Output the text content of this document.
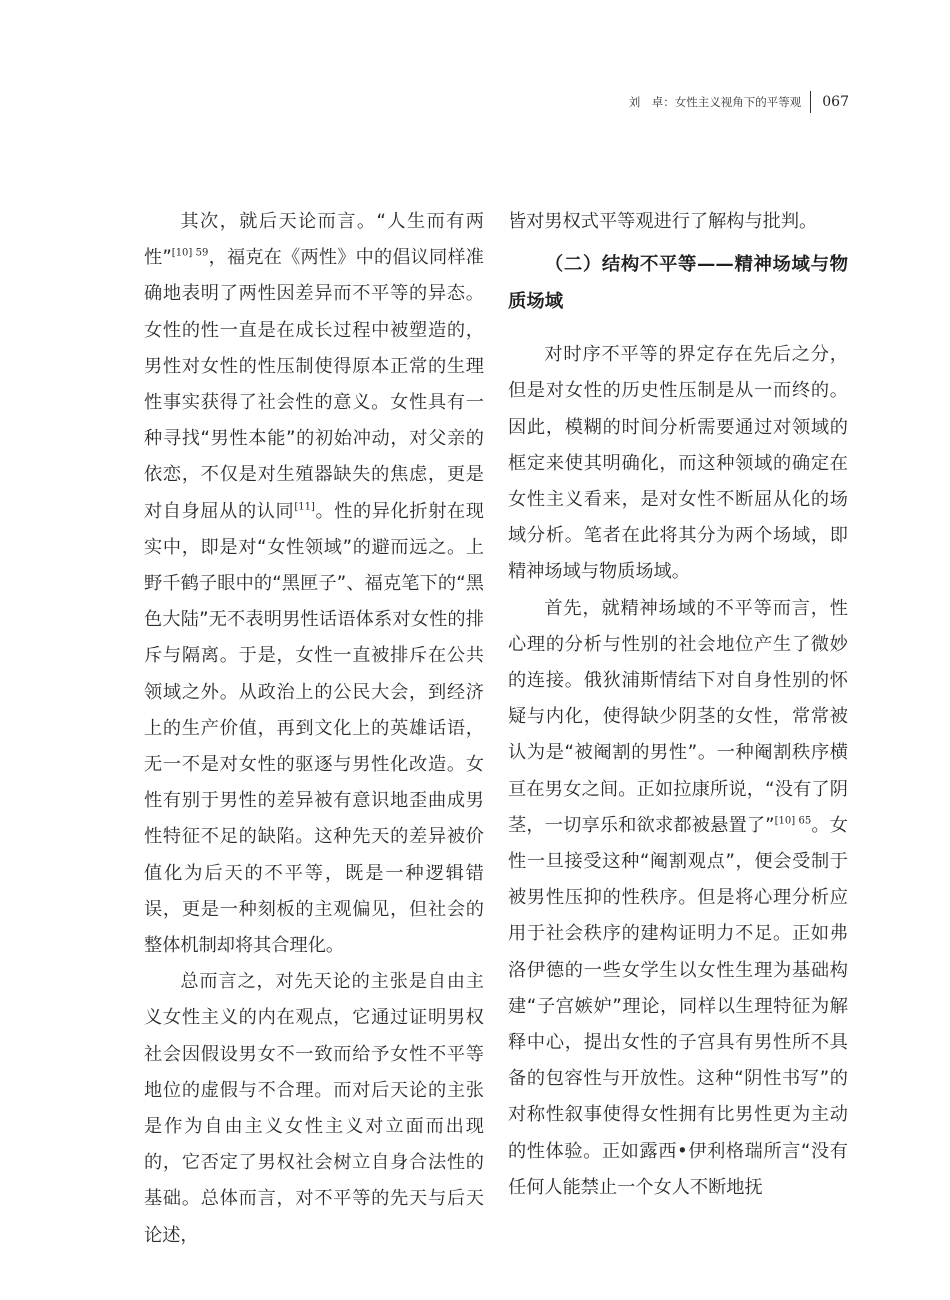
刘　卓 ：女性主义视角下的平等观 067

其次，就后天论而言。“人生而有两性”$^{[10] 59}$，福克在《两性》中的倡议同样准确地表明了两性因差异而不平等的异态。女性的性一直是在成长过程中被塑造的，男性对女性的性压制使得原本正常的生理性事实获得了社会性的意义。女性具有一种寻找“男性本能”的初始冲动，对父亲的依恋，不仅是对生殖器缺失的焦虑，更是对自身屈从的认同[11]。性的异化折射在现实中，即是对“女性领域”的避而远之。上野千鹤子眼中的“黑匣子”、福克笔下的“黑色大陆”无不表明男性话语体系对女性的排斥与隔离。于是，女性一直被排斥在公共领域之外。从政治上的公民大会，到经济上的生产价值，再到文化上的英雄话语，无一不是对女性的驱逐与男性化改造。女性有别于男性的差异被有意识地歪曲成男性特征不足的缺陷。这种先天的差异被价值化为后天的不平等，既是一种逻辑错误，更是一种刻板的主观偏见，但社会的整体机制却将其合理化。

总而言之，对先天论的主张是自由主义女性主义的内在观点，它通过证明男权社会因假设男女不一致而给予女性不平等地位的虚假与不合理。而对后天论的主张是作为自由主义女性主义对立面而出现的，它否定了男权社会树立自身合法性的基础。总体而言，对不平等的先天与后天论述，

皆对男权式平等观进行了解构与批判。

（二）结构不平等——精神场域与物质场域

对时序不平等的界定存在先后之分，但是对女性的历史性压制是从一而终的。因此，模糊的时间分析需要通过对领域的框定来使其明确化，而这种领域的确定在女性主义看来，是对女性不断屈从化的场域分析。笔者在此将其分为两个场域，即精神场域与物质场域。

首先，就精神场域的不平等而言，性心理的分析与性别的社会地位产生了微妙的连接。俄狄浦斯情结下对自身性别的怀疑与内化，使得缺少阴茎的女性，常常被认为是“被阉割的男性”。一种阉割秩序横亘在男女之间。正如拉康所说，“没有了阴茎，一切享乐和欲求都被悬置了”$^{[10] 65}$。女性一旦接受这种“阉割观点”，便会受制于被男性压抑的性秩序。但是将心理分析应用于社会秩序的建构证明力不足。正如弗洛伊德的一些女学生以女性生理为基础构建“子宫嫉妒”理论，同样以生理特征为解释中心，提出女性的子宫具有男性所不具备的包容性与开放性。这种“阴性书写”的对称性叙事使得女性拥有比男性更为主动的性体验。正如露西•伊利格瑞所言“没有任何人能禁止一个女人不断地抚
